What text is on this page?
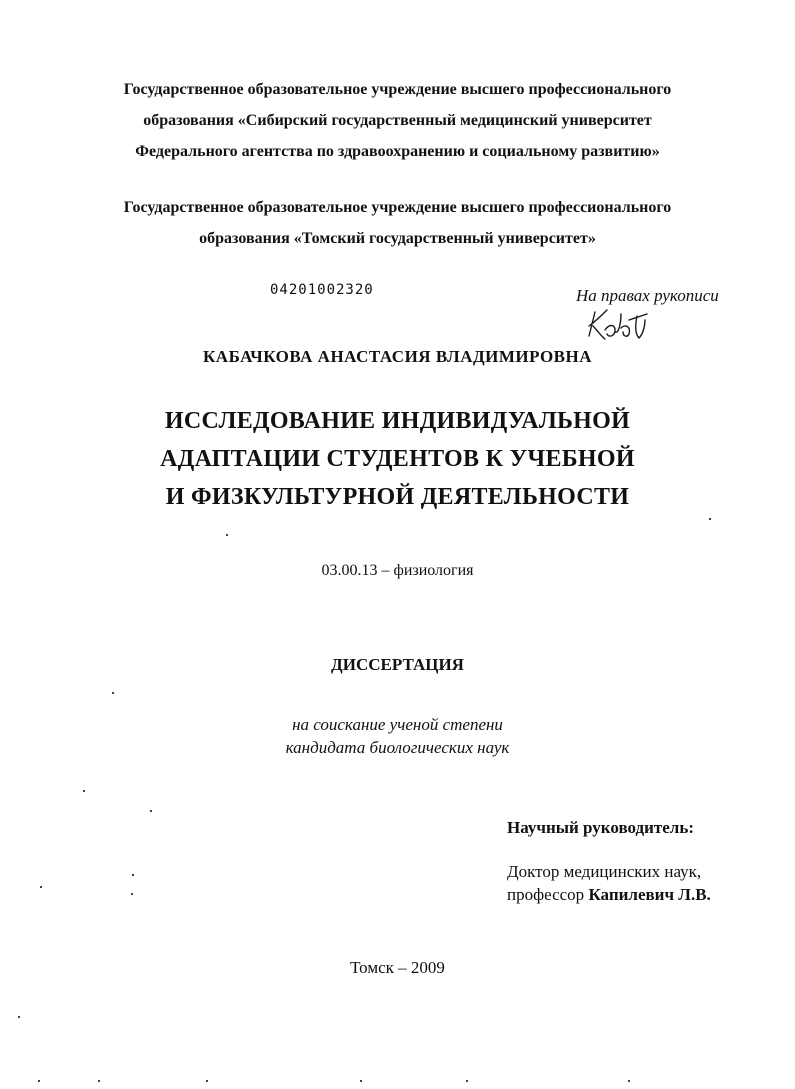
Государственное образовательное учреждение высшего профессионального
образования «Сибирский государственный медицинский университет
Федерального агентства по здравоохранению и социальному развитию»
Государственное образовательное учреждение высшего профессионального
образования «Томский государственный университет»
04201002320	На правах рукописи
КАБАЧКОВА АНАСТАСИЯ ВЛАДИМИРОВНА
ИССЛЕДОВАНИЕ ИНДИВИДУАЛЬНОЙ
АДАПТАЦИИ СТУДЕНТОВ К УЧЕБНОЙ
И ФИЗКУЛЬТУРНОЙ ДЕЯТЕЛЬНОСТИ
03.00.13 – физиология
ДИССЕРТАЦИЯ
на соискание ученой степени
кандидата биологических наук
Научный руководитель:
Доктор медицинских наук,
профессор Капилевич Л.В.
Томск – 2009
